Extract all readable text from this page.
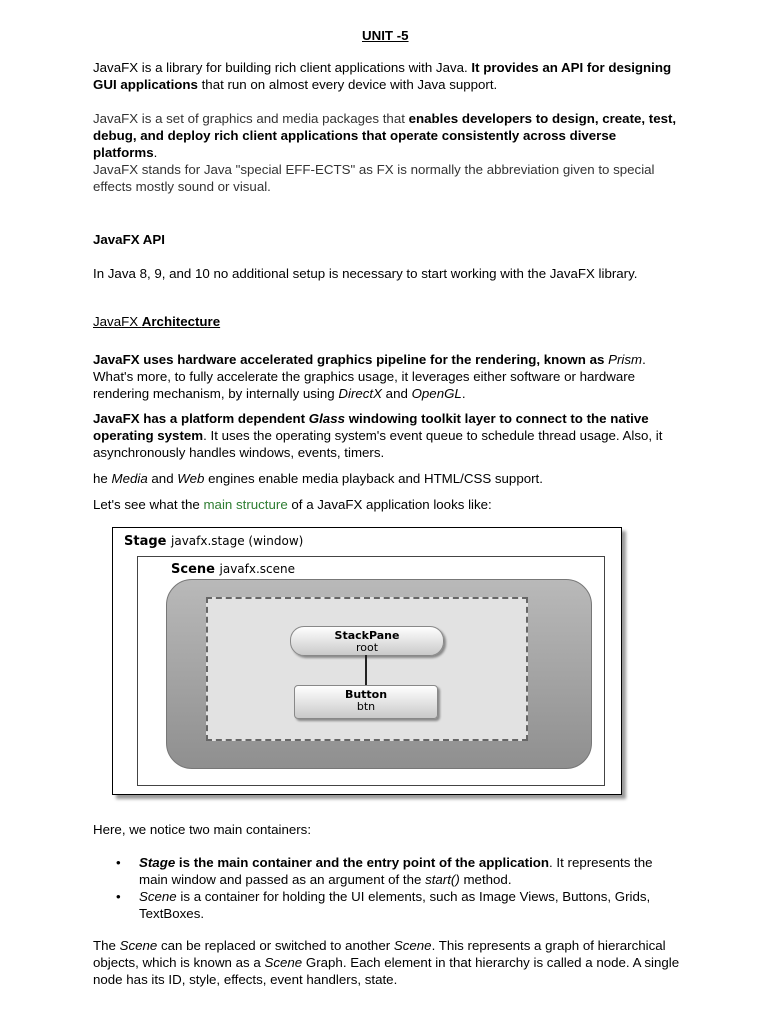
UNIT -5

JavaFX is a library for building rich client applications with Java. It provides an API for designing GUI applications that run on almost every device with Java support.

JavaFX is a set of graphics and media packages that enables developers to design, create, test, debug, and deploy rich client applications that operate consistently across diverse platforms.

JavaFX stands for Java "special EFF-ECTS" as FX is normally the abbreviation given to special effects mostly sound or visual.

JavaFX API

In Java 8, 9, and 10 no additional setup is necessary to start working with the JavaFX library.

JavaFX Architecture

JavaFX uses hardware accelerated graphics pipeline for the rendering, known as Prism. What's more, to fully accelerate the graphics usage, it leverages either software or hardware rendering mechanism, by internally using DirectX and OpenGL.

JavaFX has a platform dependent Glass windowing toolkit layer to connect to the native operating system. It uses the operating system's event queue to schedule thread usage. Also, it asynchronously handles windows, events, timers.

he Media and Web engines enable media playback and HTML/CSS support.

Let's see what the main structure of a JavaFX application looks like:

Here, we notice two main containers:

• Stage is the main container and the entry point of the application. It represents the main window and passed as an argument of the start() method.
• Scene is a container for holding the UI elements, such as Image Views, Buttons, Grids, TextBoxes.

The Scene can be replaced or switched to another Scene. This represents a graph of hierarchical objects, which is known as a Scene Graph. Each element in that hierarchy is called a node. A single node has its ID, style, effects, event handlers, state.

Stage javafx.stage (window)
Scene javafx.scene
StackPane
root
Button
btn
